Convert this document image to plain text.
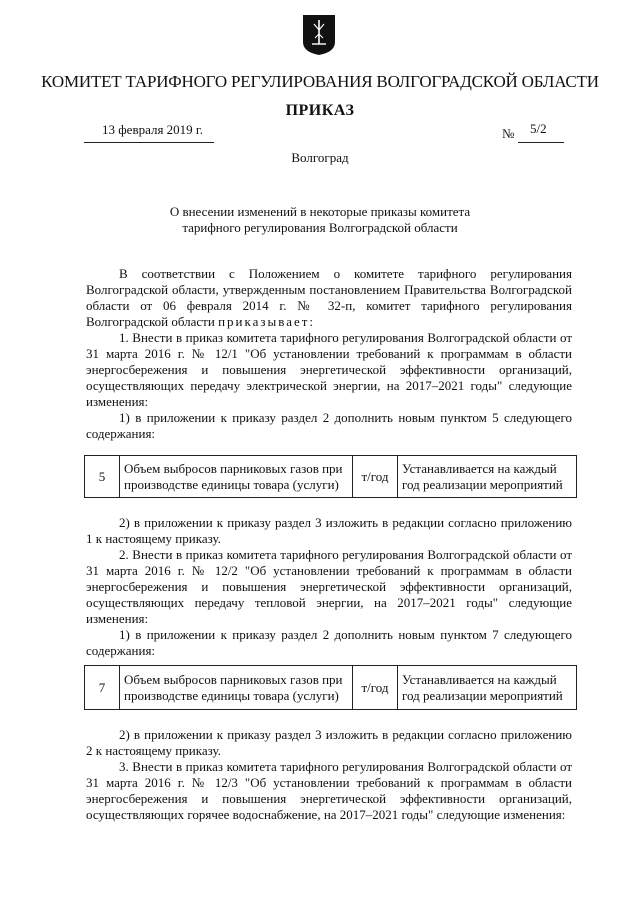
КОМИТЕТ ТАРИФНОГО РЕГУЛИРОВАНИЯ ВОЛГОГРАДСКОЙ ОБЛАСТИ
ПРИКАЗ
13 февраля 2019 г.	№ 5/2
Волгоград
О внесении изменений в некоторые приказы комитета
тарифного регулирования Волгоградской области

В соответствии с Положением о комитете тарифного регулирования Волгоградской области, утвержденным постановлением Правительства Волгоградской области от 06 февраля 2014 г. № 32-п, комитет тарифного регулирования Волгоградской области приказывает:

1. Внести в приказ комитета тарифного регулирования Волгоградской области от 31 марта 2016 г. № 12/1 "Об установлении требований к программам в области энергосбережения и повышения энергетической эффективности организаций, осуществляющих передачу электрической энергии, на 2017–2021 годы" следующие изменения:

1) в приложении к приказу раздел 2 дополнить новым пунктом 5 следующего содержания:

5	Объем выбросов парниковых газов при производстве единицы товара (услуги)	т/год	Устанавливается на каждый год реализации мероприятий

2) в приложении к приказу раздел 3 изложить в редакции согласно приложению 1 к настоящему приказу.

2. Внести в приказ комитета тарифного регулирования Волгоградской области от 31 марта 2016 г. № 12/2 "Об установлении требований к программам в области энергосбережения и повышения энергетической эффективности организаций, осуществляющих передачу тепловой энергии, на 2017–2021 годы" следующие изменения:

1) в приложении к приказу раздел 2 дополнить новым пунктом 7 следующего содержания:

7	Объем выбросов парниковых газов при производстве единицы товара (услуги)	т/год	Устанавливается на каждый год реализации мероприятий

2) в приложении к приказу раздел 3 изложить в редакции согласно приложению 2 к настоящему приказу.

3. Внести в приказ комитета тарифного регулирования Волгоградской области от 31 марта 2016 г. № 12/3 "Об установлении требований к программам в области энергосбережения и повышения энергетической эффективности организаций, осуществляющих горячее водоснабжение, на 2017–2021 годы" следующие изменения:
